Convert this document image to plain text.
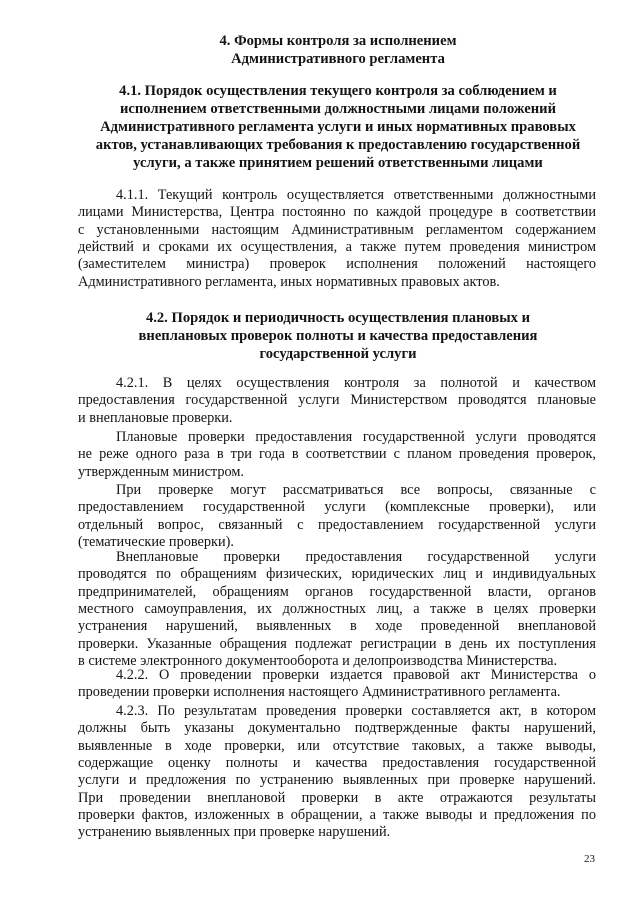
4. Формы контроля за исполнением
Административного регламента
4.1. Порядок осуществления текущего контроля за соблюдением и
исполнением ответственными должностными лицами положений
Административного регламента услуги и иных нормативных правовых
актов, устанавливающих требования к предоставлению государственной
услуги, а также принятием решений ответственными лицами

4.1.1. Текущий контроль осуществляется ответственными должностными
лицами Министерства, Центра постоянно по каждой процедуре в соответствии
с установленными настоящим Административным регламентом содержанием
действий и сроками их осуществления, а также путем проведения министром
(заместителем министра) проверок исполнения положений настоящего
Административного регламента, иных нормативных правовых актов.

4.2. Порядок и периодичность осуществления плановых и
внеплановых проверок полноты и качества предоставления
государственной услуги

4.2.1. В целях осуществления контроля за полнотой и качеством
предоставления государственной услуги Министерством проводятся плановые
и внеплановые проверки.

Плановые проверки предоставления государственной услуги проводятся
не реже одного раза в три года в соответствии с планом проведения проверок,
утвержденным министром.

При проверке могут рассматриваться все вопросы, связанные с
предоставлением государственной услуги (комплексные проверки), или
отдельный вопрос, связанный с предоставлением государственной услуги
(тематические проверки).

Внеплановые проверки предоставления государственной услуги
проводятся по обращениям физических, юридических лиц и индивидуальных
предпринимателей, обращениям органов государственной власти, органов
местного самоуправления, их должностных лиц, а также в целях проверки
устранения нарушений, выявленных в ходе проведенной внеплановой
проверки. Указанные обращения подлежат регистрации в день их поступления
в системе электронного документооборота и делопроизводства Министерства.

4.2.2. О проведении проверки издается правовой акт Министерства о
проведении проверки исполнения настоящего Административного регламента.

4.2.3. По результатам проведения проверки составляется акт, в котором
должны быть указаны документально подтвержденные факты нарушений,
выявленные в ходе проверки, или отсутствие таковых, а также выводы,
содержащие оценку полноты и качества предоставления государственной
услуги и предложения по устранению выявленных при проверке нарушений.
При проведении внеплановой проверки в акте отражаются результаты
проверки фактов, изложенных в обращении, а также выводы и предложения по
устранению выявленных при проверке нарушений.

23
